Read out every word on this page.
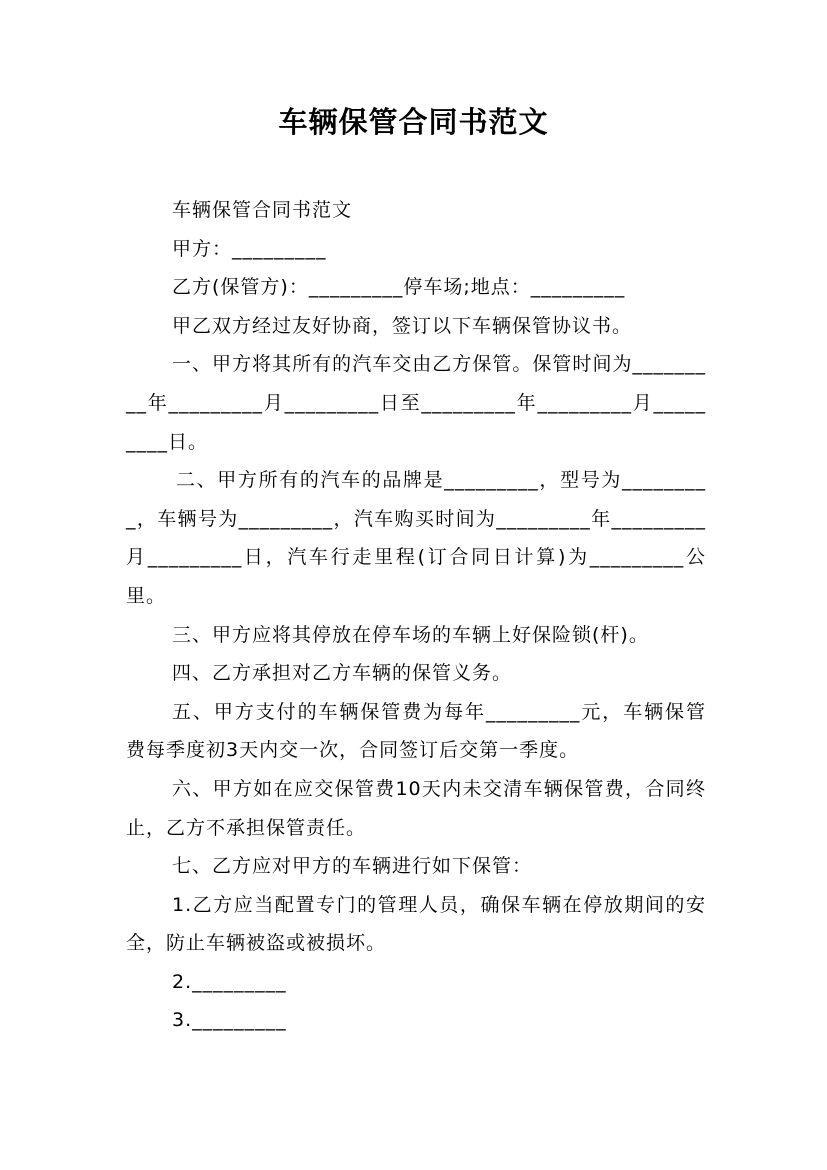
车辆保管合同书范文

车辆保管合同书范文

甲方：_________

乙方(保管方)：_________停车场;地点：_________

甲乙双方经过友好协商，签订以下车辆保管协议书。

一、甲方将其所有的汽车交由乙方保管。保管时间为_________年_________月_________日至_________年_________月_________日。

二、甲方所有的汽车的品牌是_________，型号为_________，车辆号为_________，汽车购买时间为_________年_________月_________日，汽车行走里程(订合同日计算)为_________公里。

三、甲方应将其停放在停车场的车辆上好保险锁(杆)。

四、乙方承担对乙方车辆的保管义务。

五、甲方支付的车辆保管费为每年_________元，车辆保管费每季度初3天内交一次，合同签订后交第一季度。

六、甲方如在应交保管费10天内未交清车辆保管费，合同终止，乙方不承担保管责任。

七、乙方应对甲方的车辆进行如下保管：

1.乙方应当配置专门的管理人员，确保车辆在停放期间的安全，防止车辆被盗或被损坏。

2._________

3._________
